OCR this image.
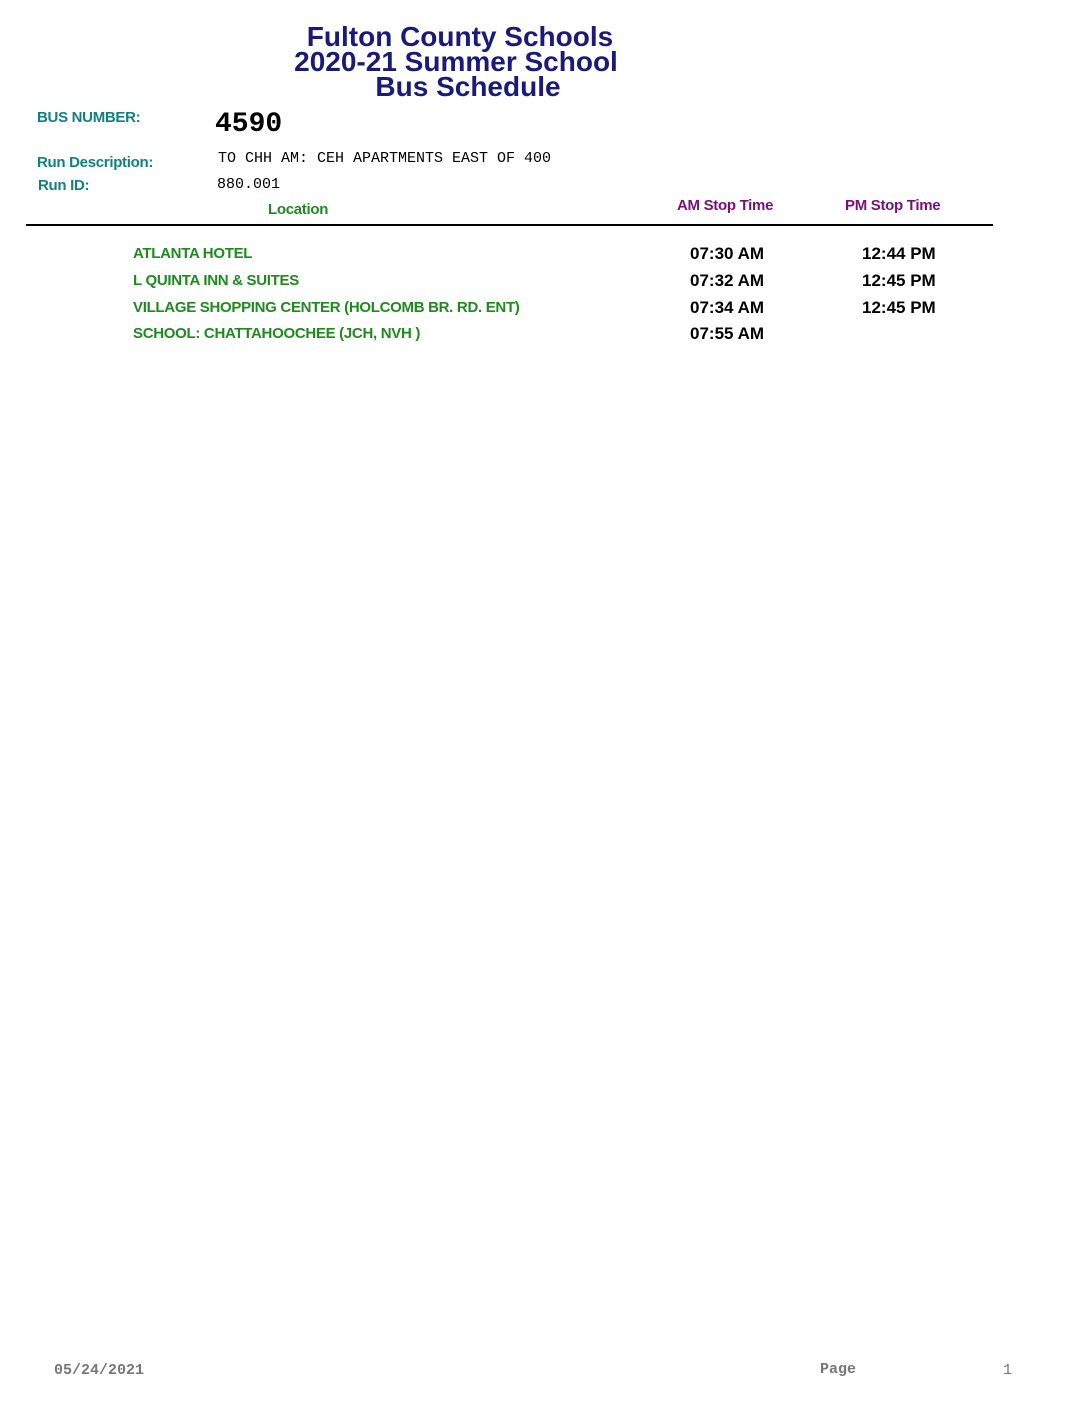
Fulton County Schools
2020-21 Summer School
Bus Schedule
BUS NUMBER:	4590
Run Description:	TO CHH AM: CEH APARTMENTS EAST OF 400
Run ID:	880.001
Location	AM Stop Time	PM Stop Time
ATLANTA HOTEL	07:30 AM	12:44 PM
L QUINTA INN & SUITES	07:32 AM	12:45 PM
VILLAGE SHOPPING CENTER (HOLCOMB BR. RD. ENT)	07:34 AM	12:45 PM
SCHOOL: CHATTAHOOCHEE (JCH, NVH )	07:55 AM
05/24/2021	Page	1
